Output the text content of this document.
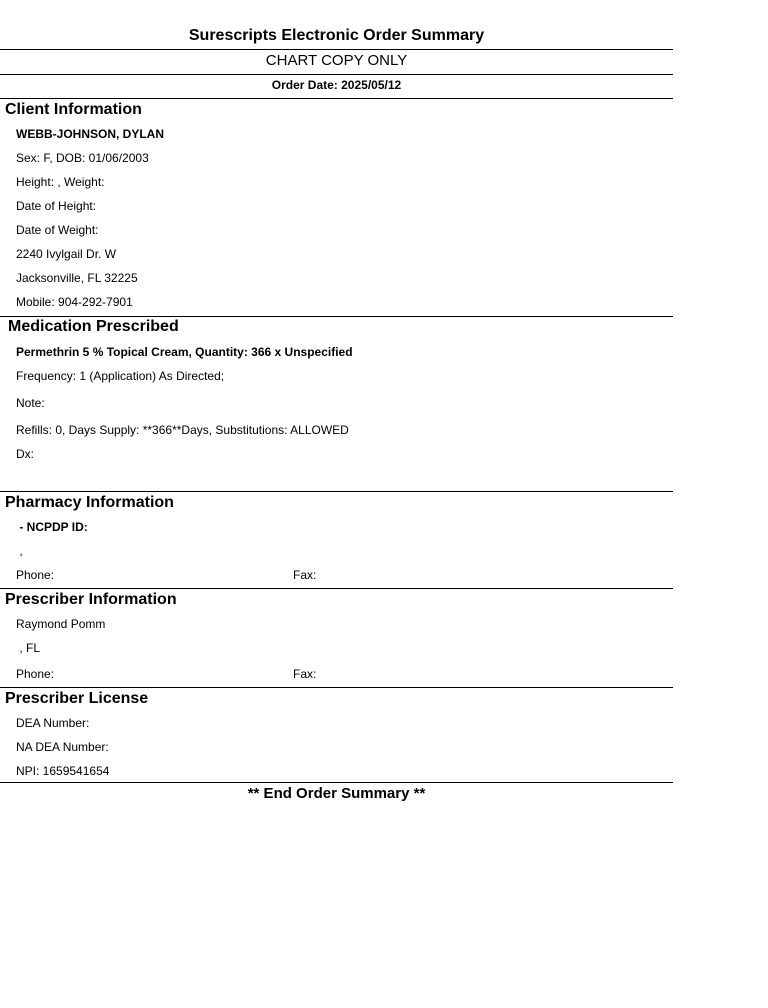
Surescripts Electronic Order Summary
CHART COPY ONLY
Order Date: 2025/05/12
Client Information
WEBB-JOHNSON, DYLAN
Sex: F, DOB: 01/06/2003
Height: , Weight:
Date of Height:
Date of Weight:
2240 Ivylgail Dr. W
Jacksonville, FL 32225
Mobile: 904-292-7901
Medication Prescribed
Permethrin 5 % Topical Cream, Quantity: 366 x Unspecified
Frequency: 1 (Application) As Directed;
Note:
Refills: 0, Days Supply: **366**Days, Substitutions: ALLOWED
Dx:
Pharmacy Information
- NCPDP ID:
,
Phone:	Fax:
Prescriber Information
Raymond Pomm
, FL
Phone:	Fax:
Prescriber License
DEA Number:
NA DEA Number:
NPI: 1659541654
** End Order Summary **
